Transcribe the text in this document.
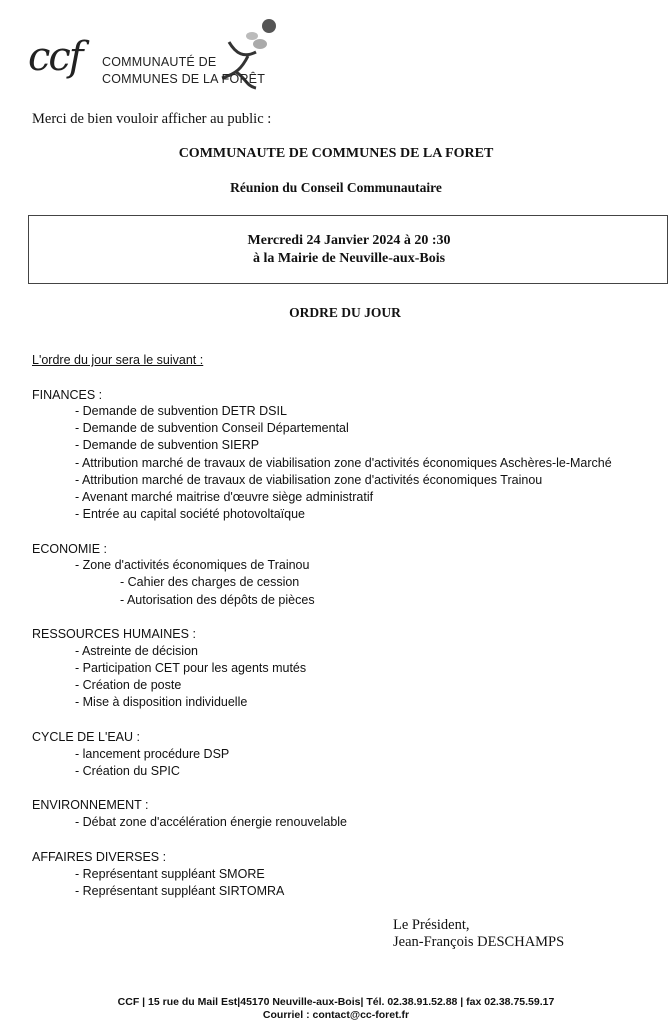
ccf COMMUNAUTÉ DE
COMMUNES DE LA FORÊT
Merci de bien vouloir afficher au public :
COMMUNAUTE DE COMMUNES DE LA FORET
Réunion du Conseil Communautaire
Mercredi 24 Janvier 2024 à 20 :30
à la Mairie de Neuville-aux-Bois
ORDRE DU JOUR
L'ordre du jour sera le suivant :
FINANCES :
- Demande de subvention DETR DSIL
- Demande de subvention Conseil Départemental
- Demande de subvention SIERP
- Attribution marché de travaux de viabilisation zone d'activités économiques Aschères-le-Marché
- Attribution marché de travaux de viabilisation zone d'activités économiques Trainou
- Avenant marché maitrise d'œuvre siège administratif
- Entrée au capital société photovoltaïque
ECONOMIE :
- Zone d'activités économiques de Trainou
- Cahier des charges de cession
- Autorisation des dépôts de pièces
RESSOURCES HUMAINES :
- Astreinte de décision
- Participation CET pour les agents mutés
- Création de poste
- Mise à disposition individuelle
CYCLE DE L'EAU :
- lancement procédure DSP
- Création du SPIC
ENVIRONNEMENT :
- Débat zone d'accélération énergie renouvelable
AFFAIRES DIVERSES :
- Représentant suppléant SMORE
- Représentant suppléant SIRTOMRA
Le Président,
Jean-François DESCHAMPS
CCF | 15 rue du Mail Est|45170 Neuville-aux-Bois| Tél. 02.38.91.52.88 | fax 02.38.75.59.17
Courriel : contact@cc-foret.fr
